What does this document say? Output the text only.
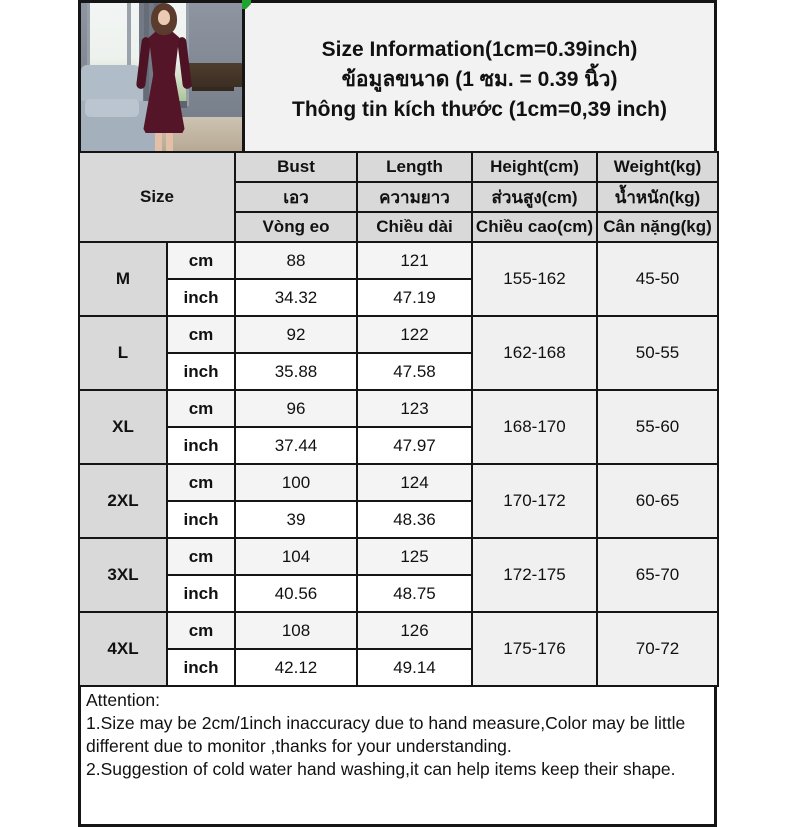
Size Information(1cm=0.39inch)
ข้อมูลขนาด (1 ซม. = 0.39 นิ้ว)
Thông tin kích thước (1cm=0,39 inch)
Size		Bust	Length	Height(cm)	Weight(kg)
		เอว	ความยาว	ส่วนสูง(cm)	น้ำหนัก(kg)
		Vòng eo	Chiều dài	Chiều cao(cm)	Cân nặng(kg)
M	cm	88	121	155-162	45-50
	inch	34.32	47.19		
L	cm	92	122	162-168	50-55
	inch	35.88	47.58		
XL	cm	96	123	168-170	55-60
	inch	37.44	47.97		
2XL	cm	100	124	170-172	60-65
	inch	39	48.36		
3XL	cm	104	125	172-175	65-70
	inch	40.56	48.75		
4XL	cm	108	126	175-176	70-72
	inch	42.12	49.14		

Attention:

1.Size may be 2cm/1inch inaccuracy due to hand measure,Color may be little different due to monitor ,thanks for your understanding.

2.Suggestion of cold water hand washing,it can help items keep their shape.
